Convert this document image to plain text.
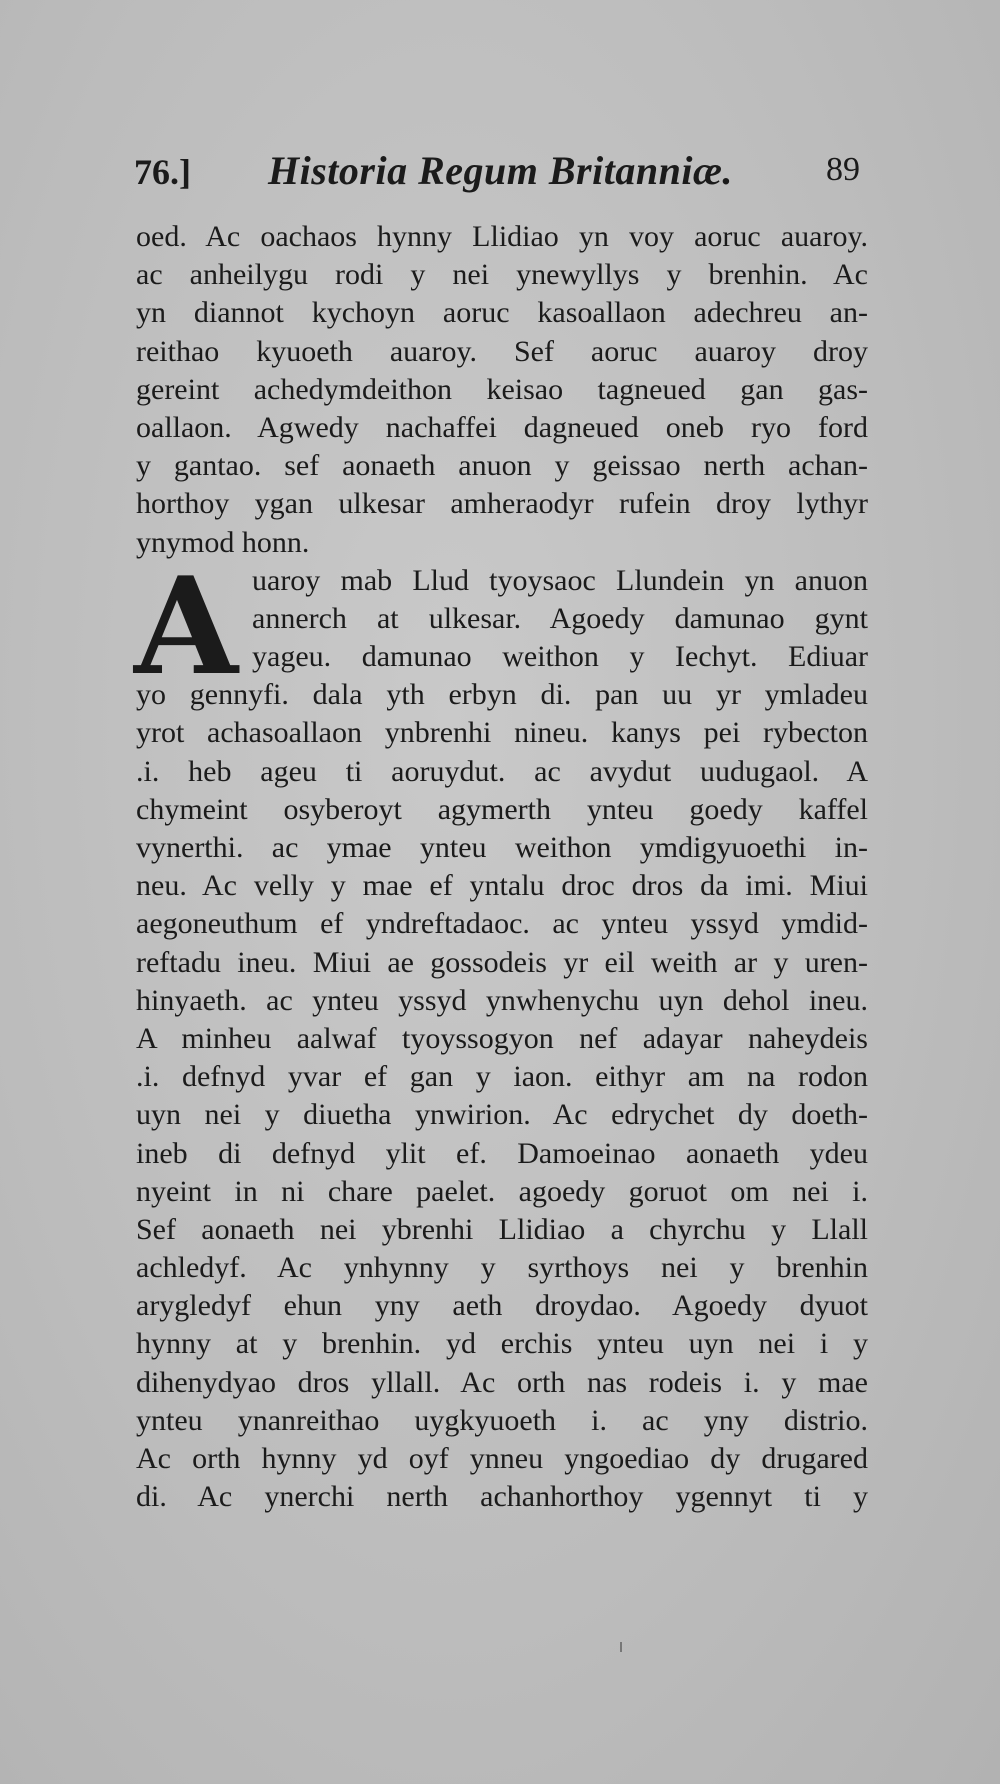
76.] Historia Regum Britanniæ.	89
A
oed. Ac oachaos hynny Llidiao yn voy aoruc auaroy.
ac anheilygu rodi y nei ynewyllys y brenhin. Ac
yn diannot kychoyn aoruc kasoallaon adechreu an-
reithao kyuoeth auaroy. Sef aoruc auaroy droy
gereint achedymdeithon keisao tagneued gan gas-
oallaon. Agwedy nachaffei dagneued oneb ryo ford
y gantao. sef aonaeth anuon y geissao nerth achan-
horthoy ygan ulkesar amheraodyr rufein droy lythyr
ynymod honn.
uaroy mab Llud tyoysaoc Llundein yn anuon
annerch at ulkesar. Agoedy damunao gynt
yageu. damunao weithon y Iechyt. Ediuar
yo gennyfi. dala yth erbyn di. pan uu yr ymladeu
yrot achasoallaon ynbrenhi nineu. kanys pei rybecton
.i. heb ageu ti aoruydut. ac avydut uudugaol. A
chymeint osyberoyt agymerth ynteu goedy kaffel
vynerthi. ac ymae ynteu weithon ymdigyuoethi in-
neu. Ac velly y mae ef yntalu droc dros da imi. Miui
aegoneuthum ef yndreftadaoc. ac ynteu yssyd ymdid-
reftadu ineu. Miui ae gossodeis yr eil weith ar y uren-
hinyaeth. ac ynteu yssyd ynwhenychu uyn dehol ineu.
A minheu aalwaf tyoyssogyon nef adayar naheydeis
.i. defnyd yvar ef gan y iaon. eithyr am na rodon
uyn nei y diuetha ynwirion. Ac edrychet dy doeth-
ineb di defnyd ylit ef. Damoeinao aonaeth ydeu
nyeint in ni chare paelet. agoedy goruot om nei i.
Sef aonaeth nei ybrenhi Llidiao a chyrchu y Llall
achledyf. Ac ynhynny y syrthoys nei y brenhin
arygledyf ehun yny aeth droydao. Agoedy dyuot
hynny at y brenhin. yd erchis ynteu uyn nei i y
dihenydyao dros yllall. Ac orth nas rodeis i. y mae
ynteu ynanreithao uygkyuoeth i. ac yny distrio.
Ac orth hynny yd oyf ynneu yngoediao dy drugared
di. Ac ynerchi nerth achanhorthoy ygennyt ti y
